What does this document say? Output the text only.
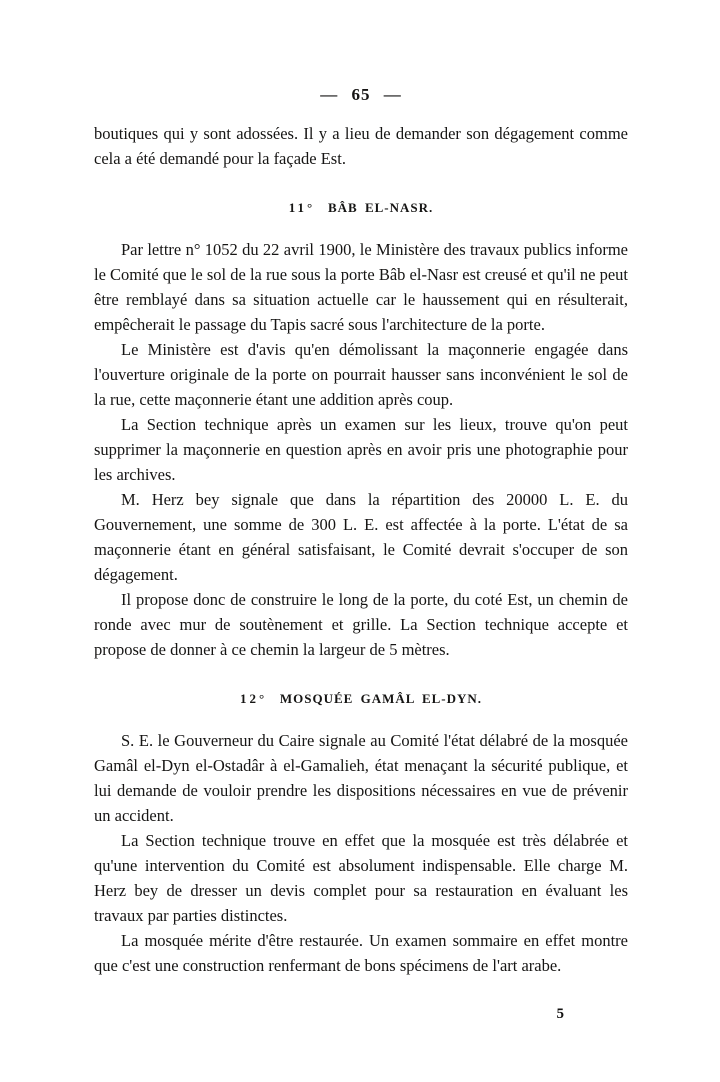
— 65 —

boutiques qui y sont adossées. Il y a lieu de demander son dégagement comme cela a été demandé pour la façade Est.

11° BÂB EL-NASR.

Par lettre n° 1052 du 22 avril 1900, le Ministère des travaux publics informe le Comité que le sol de la rue sous la porte Bâb el-Nasr est creusé et qu'il ne peut être remblayé dans sa situation actuelle car le haussement qui en résulterait, empêcherait le passage du Tapis sacré sous l'architecture de la porte.

Le Ministère est d'avis qu'en démolissant la maçonnerie engagée dans l'ouverture originale de la porte on pourrait hausser sans inconvénient le sol de la rue, cette maçonnerie étant une addition après coup.

La Section technique après un examen sur les lieux, trouve qu'on peut supprimer la maçonnerie en question après en avoir pris une photographie pour les archives.

M. Herz bey signale que dans la répartition des 20000 L. E. du Gouvernement, une somme de 300 L. E. est affectée à la porte. L'état de sa maçonnerie étant en général satisfaisant, le Comité devrait s'occuper de son dégagement.

Il propose donc de construire le long de la porte, du coté Est, un chemin de ronde avec mur de soutènement et grille. La Section technique accepte et propose de donner à ce chemin la largeur de 5 mètres.

12° MOSQUÉE GAMÂL EL-DYN.

S. E. le Gouverneur du Caire signale au Comité l'état délabré de la mosquée Gamâl el-Dyn el-Ostadâr à el-Gamalieh, état menaçant la sécurité publique, et lui demande de vouloir prendre les dispositions nécessaires en vue de prévenir un accident.

La Section technique trouve en effet que la mosquée est très délabrée et qu'une intervention du Comité est absolument indispensable. Elle charge M. Herz bey de dresser un devis complet pour sa restauration en évaluant les travaux par parties distinctes.

La mosquée mérite d'être restaurée. Un examen sommaire en effet montre que c'est une construction renfermant de bons spécimens de l'art arabe.

5
